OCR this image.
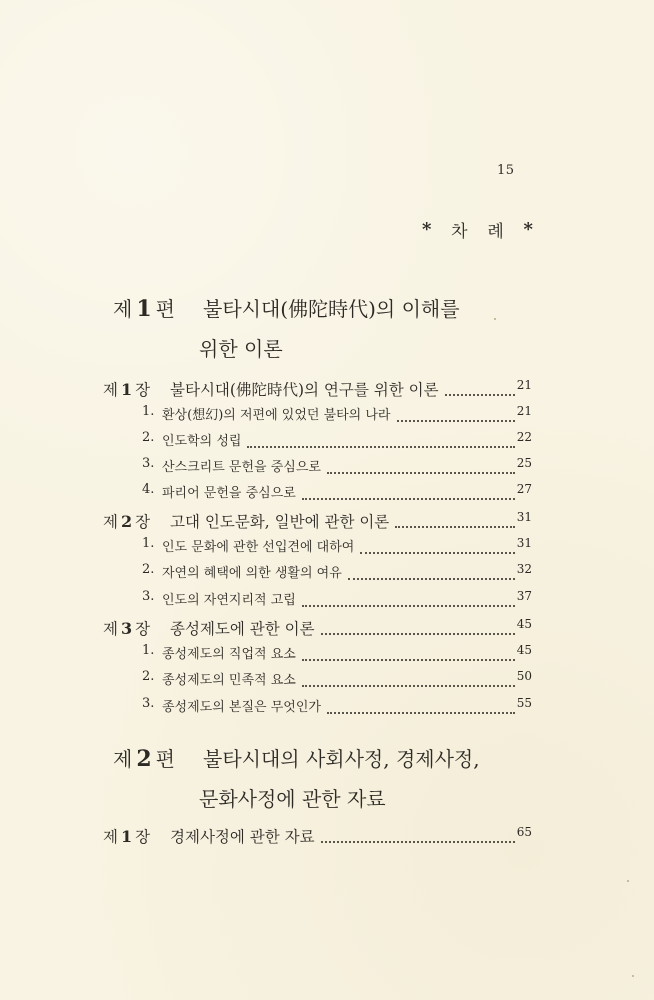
15
* 차 례 *
제 1 편 불타시대(佛陀時代)의 이해를
위한 이론
제 1 장 불타시대(佛陀時代)의 연구를 위한 이론	21
1. 환상(想幻)의 저편에 있었던 불타의 나라	21
2. 인도학의 성립	22
3. 산스크리트 문헌을 중심으로	25
4. 파리어 문헌을 중심으로	27
제 2 장 고대 인도문화, 일반에 관한 이론	31
1. 인도 문화에 관한 선입견에 대하여	31
2. 자연의 혜택에 의한 생활의 여유	32
3. 인도의 자연지리적 고립	37
제 3 장 종성제도에 관한 이론	45
1. 종성제도의 직업적 요소	45
2. 종성제도의 민족적 요소	50
3. 종성제도의 본질은 무엇인가	55
제 1 장 경제사정에 관한 자료	65
제 2 편 불타시대의 사회사정, 경제사정,
문화사정에 관한 자료
